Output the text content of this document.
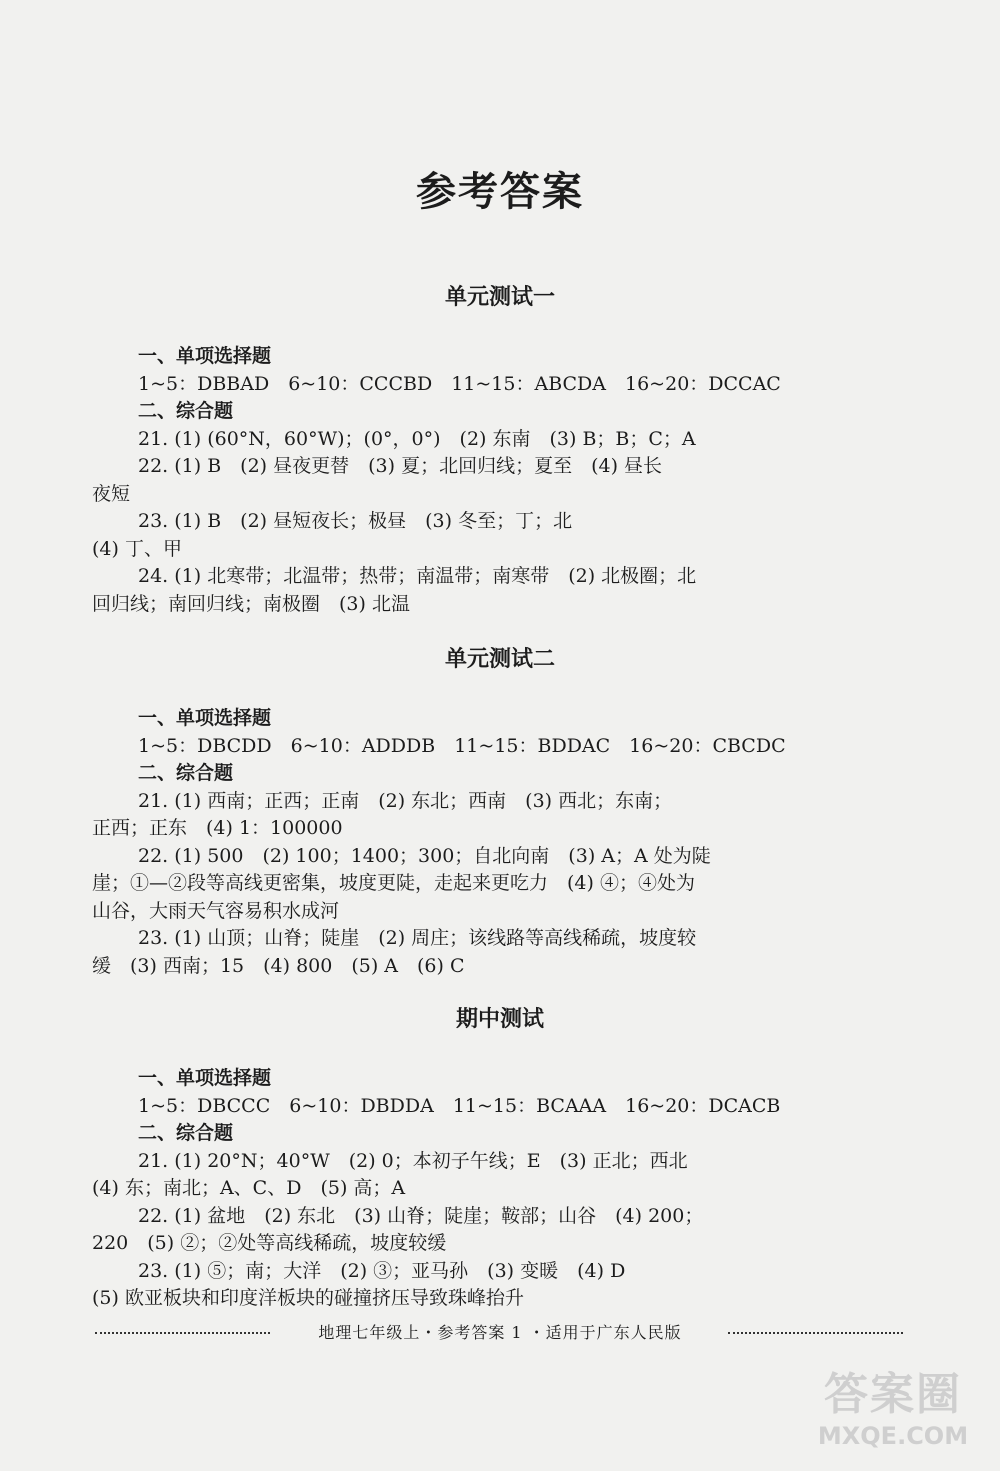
参考答案
单元测试一
一、单项选择题
1~5：DBBAD　6~10：CCCBD　11~15：ABCDA　16~20：DCCAC
二、综合题
21. (1) (60°N，60°W)；(0°，0°)　(2) 东南　(3) B；B；C；A
22. (1) B　(2) 昼夜更替　(3) 夏；北回归线；夏至　(4) 昼长
夜短
23. (1) B　(2) 昼短夜长；极昼　(3) 冬至；丁；北
(4) 丁、甲
24. (1) 北寒带；北温带；热带；南温带；南寒带　(2) 北极圈；北
回归线；南回归线；南极圈　(3) 北温
单元测试二
一、单项选择题
1~5：DBCDD　6~10：ADDDB　11~15：BDDAC　16~20：CBCDC
二、综合题
21. (1) 西南；正西；正南　(2) 东北；西南　(3) 西北；东南；
正西；正东　(4) 1：100000
22. (1) 500　(2) 100；1400；300；自北向南　(3) A；A 处为陡
崖；①—②段等高线更密集，坡度更陡，走起来更吃力　(4) ④；④处为
山谷，大雨天气容易积水成河
23. (1) 山顶；山脊；陡崖　(2) 周庄；该线路等高线稀疏，坡度较
缓　(3) 西南；15　(4) 800　(5) A　(6) C
期中测试
一、单项选择题
1~5：DBCCC　6~10：DBDDA　11~15：BCAAA　16~20：DCACB
二、综合题
21. (1) 20°N；40°W　(2) 0；本初子午线；E　(3) 正北；西北
(4) 东；南北；A、C、D　(5) 高；A
22. (1) 盆地　(2) 东北　(3) 山脊；陡崖；鞍部；山谷　(4) 200；
220　(5) ②；②处等高线稀疏，坡度较缓
23. (1) ⑤；南；大洋　(2) ③；亚马孙　(3) 变暖　(4) D
(5) 欧亚板块和印度洋板块的碰撞挤压导致珠峰抬升
地理七年级上・参考答案 1 ・适用于广东人民版
答案圈
MXQE.COM
